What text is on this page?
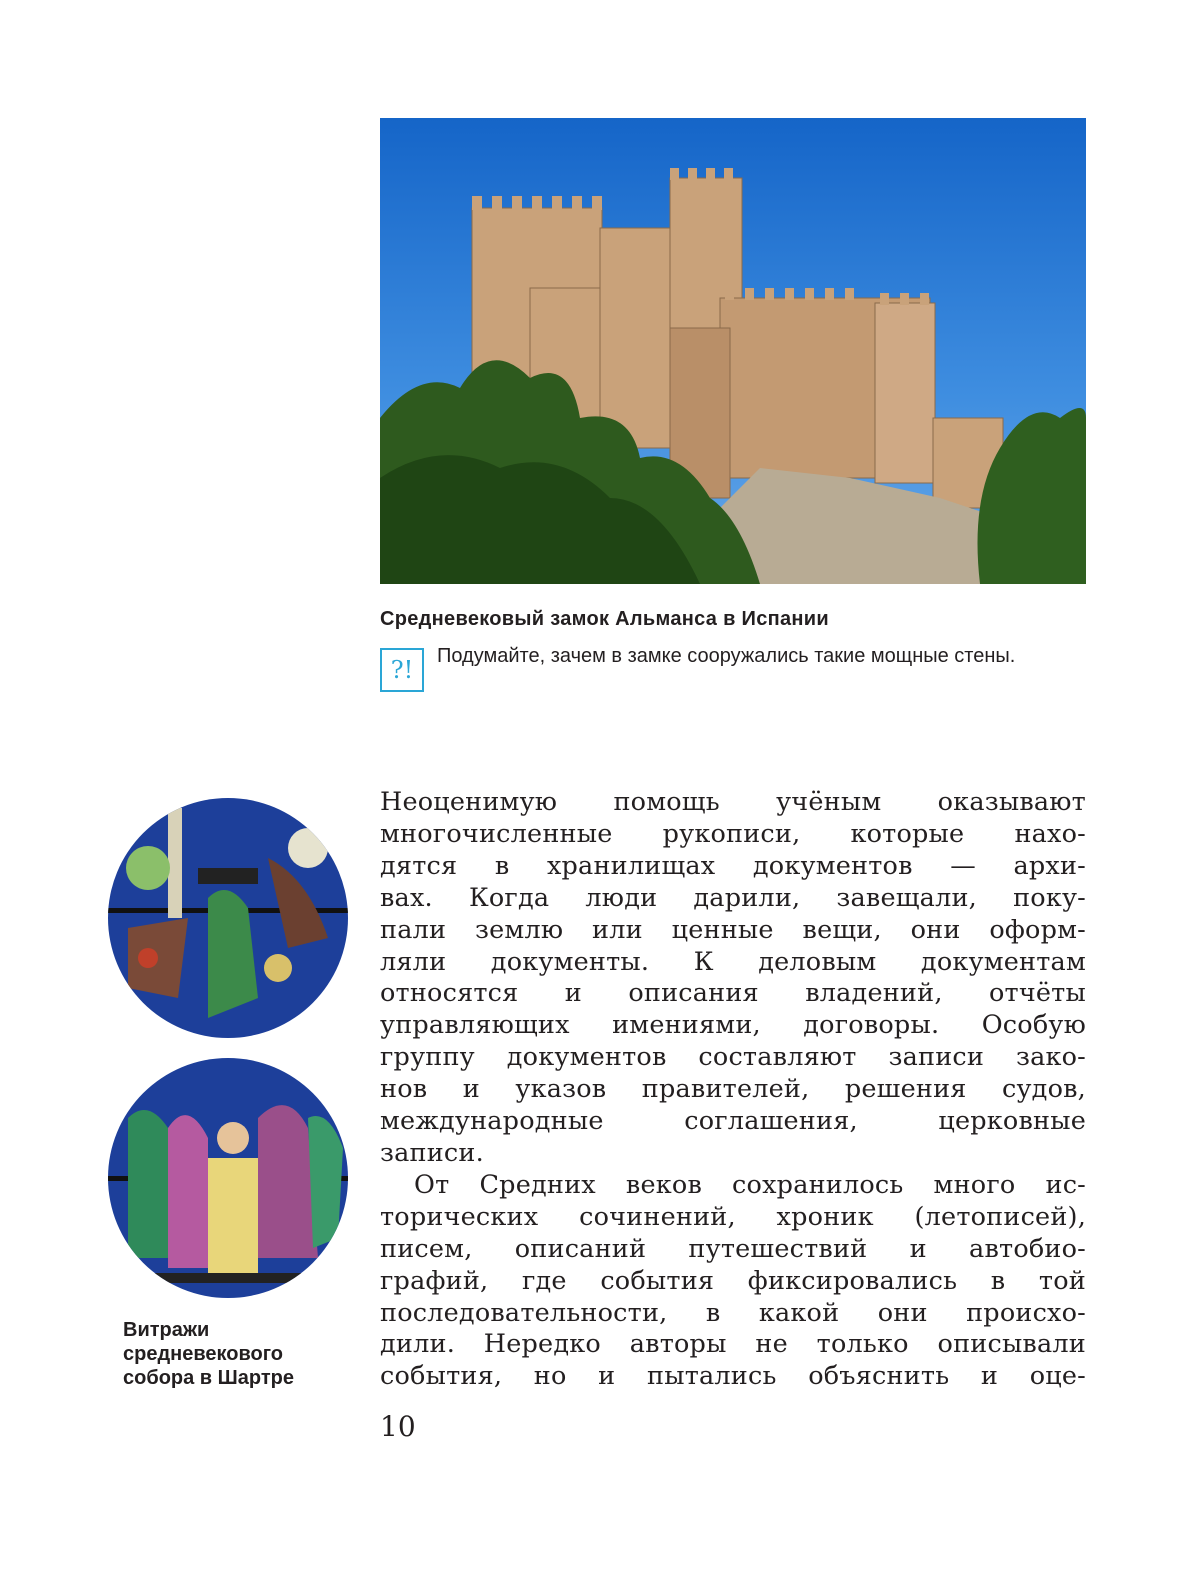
Средневековый замок Альманса в Испании
?!	Подумайте, зачем в замке сооружались такие мощные стены.
Витражи
средневекового
собора в Шартре
Неоценимую помощь учёным оказывают
многочисленные рукописи, которые нахо-
дятся в хранилищах документов — архи-
вах. Когда люди дарили, завещали, поку-
пали землю или ценные вещи, они оформ-
ляли документы. К деловым документам
относятся и описания владений, отчёты
управляющих имениями, договоры. Особую
группу документов составляют записи зако-
нов и указов правителей, решения судов,
международные соглашения, церковные
записи.
От Средних веков сохранилось много ис-
торических сочинений, хроник (летописей),
писем, описаний путешествий и автобио-
графий, где события фиксировались в той
последовательности, в какой они происхо-
дили. Нередко авторы не только описывали
события, но и пытались объяснить и оце-
10
